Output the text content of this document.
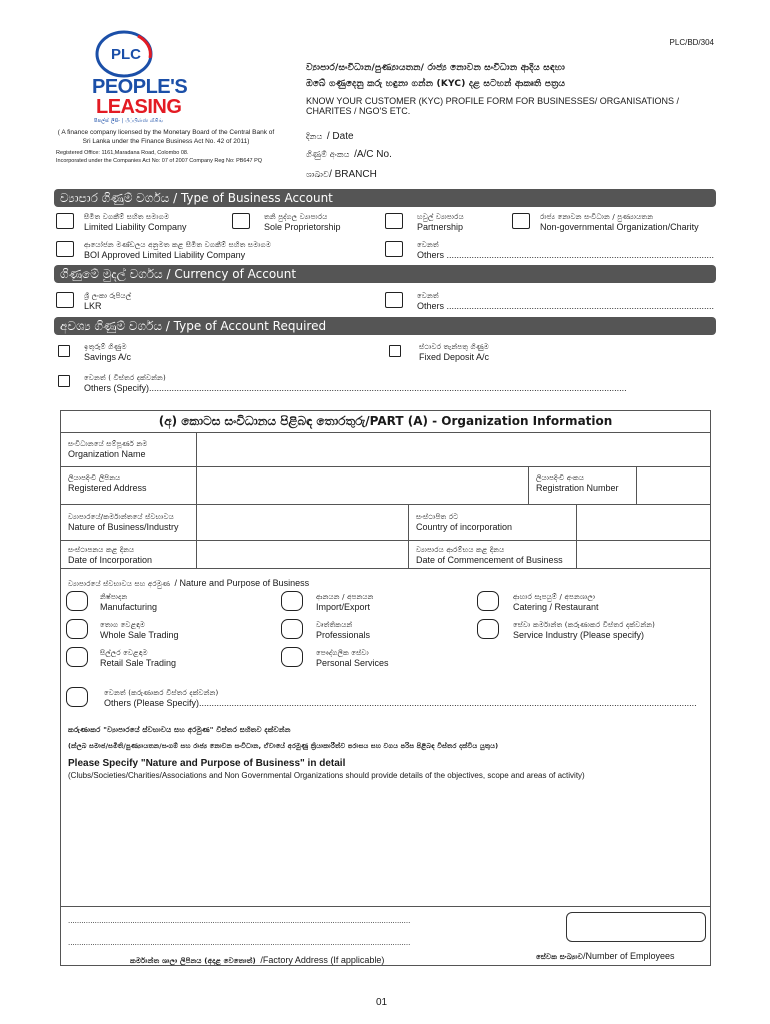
PLC/BD/304
PLC
PEOPLE'S
LEASING
පීපල්ස් ලීසිං | பீப்பிள்ஸ் லீசிங்
ව්‍යාපාර/සංවිධාන/පුණ්‍යායතන/ රාජ්‍ය නොවන සංවිධාන ආදිය සඳහා
ඔබේ ගණුදෙනු කරු හඳුනා ගන්න (KYC) දළ සටහන් ආකෘති පත්‍රය
KNOW YOUR CUSTOMER (KYC) PROFILE FORM FOR BUSINESSES/ ORGANISATIONS / CHARITES / NGO'S ETC.
( A finance company licensed by the Monetary Board of the Central Bank of Sri Lanka under the Finance Business Act No. 42 of 2011)
Registered Office: 1161,Maradana Road, Colombo 08.
Incorporated under the Companies Act No: 07 of 2007 Company Reg No: PB647 PQ
දිනය / Date
ගිණුම් අංකය /A/C No.
ශාඛාව/ BRANCH
ව්‍යාපාර ගිණුම් වර්ගය / Type of Business Account
සීමිත වගකීම් සහිත සමාගම
Limited Liability Company
තනි පුද්ගල ව්‍යාපාරය
Sole Proprietorship
හවුල් ව්‍යාපාරය
Partnership
රාජ්‍ය නොවන සංවිධාන / පුණ්‍යායතන
Non-governmental Organization/Charity
ආයෝජන මණ්ඩලය අනුමත කළ සීමිත වගකීම් සහිත සමාගම
BOI Approved Limited Liability Company
වෙනත්
Others ...........................................................................................................
ගිණුමේ මුදල් වර්ගය / Currency of Account
ශ්‍රී ලංකා රුපියල්
LKR
වෙනත්
Others ...........................................................................................................
අවශ්‍ය ගිණුම් වර්ගය / Type of Account Required
ඉතුරුම් ගිණුම
Savings A/c
ස්ථාවර තැන්පතු ගිණුම
Fixed Deposit A/c
වෙනත් ( විස්තර දක්වන්න)
Others (Specify)...............................................................................................................................................................................................
(අ) කොටස සංවිධානය පිළිබඳ තොරතුරු/PART (A) - Organization Information
සංවිධානයේ සම්පූර්ණ නම
Organization Name
ලියාපදිංචි ලිපිනය
Registered Address
ලියාපදිංචි අංකය
Registration Number
ව්‍යාපාරයේ/කර්මාන්තයේ ස්වභාවය
Nature of Business/Industry
සංස්ථාපිත රට
Country of incorporation
සංස්ථාපනය කළ දිනය
Date of Incorporation
ව්‍යාපාරය ආරම්භය කළ දිනය
Date of Commencement of Business
ව්‍යාපාරයේ ස්වභාවය සහ අරමුණ / Nature and Purpose of Business
නිෂ්පාදන
Manufacturing
ආනයන / අපනයන
Import/Export
ආහාර සැපයුම් / අපනශාලා
Catering / Restaurant
තොග වෙළඳාම
Whole Sale Trading
වෘත්තිකයන්
Professionals
සේවා කර්මාන්ත (කරුණාකර විස්තර දක්වන්න)
Service Industry (Please specify)
සිල්ලර වෙළඳාම
Retail Sale Trading
පෞද්ගලික සේවා
Personal Services
වෙනත් (කරුණාකර විස්තර දක්වන්න)
Others (Please Specify).......................................................................................................................................................................................................
කරුණාකර "ව්‍යාපාරයේ ස්වභාවය සහ අරමුණ" විස්තර සහිතව දක්වන්න
(ක්ලබ සමාජ/සමිති/පුණ්‍යායතන/සංගම් සහ රාජ්‍ය නොවන සංවිධාන, ඒවායේ අරමුණු ක්‍රියාකාරීත්ව පරාසය සහ වගය පරිස පිළිබඳ විස්තර දක්විය යුතුය)
Please Specify "Nature and Purpose of Business" in detail
(Clubs/Societies/Charities/Associations and Non Governmental Organizations should provide details of the objectives, scope and areas of activity)
..........................................................................................................................................................
..........................................................................................................................................................
කර්මාන්ත ශාලා ලිපිනය (අදාළ වෙතොත්) /Factory Address (If applicable)	සේවක සංඛ්‍යාව/Number of Employees
01
